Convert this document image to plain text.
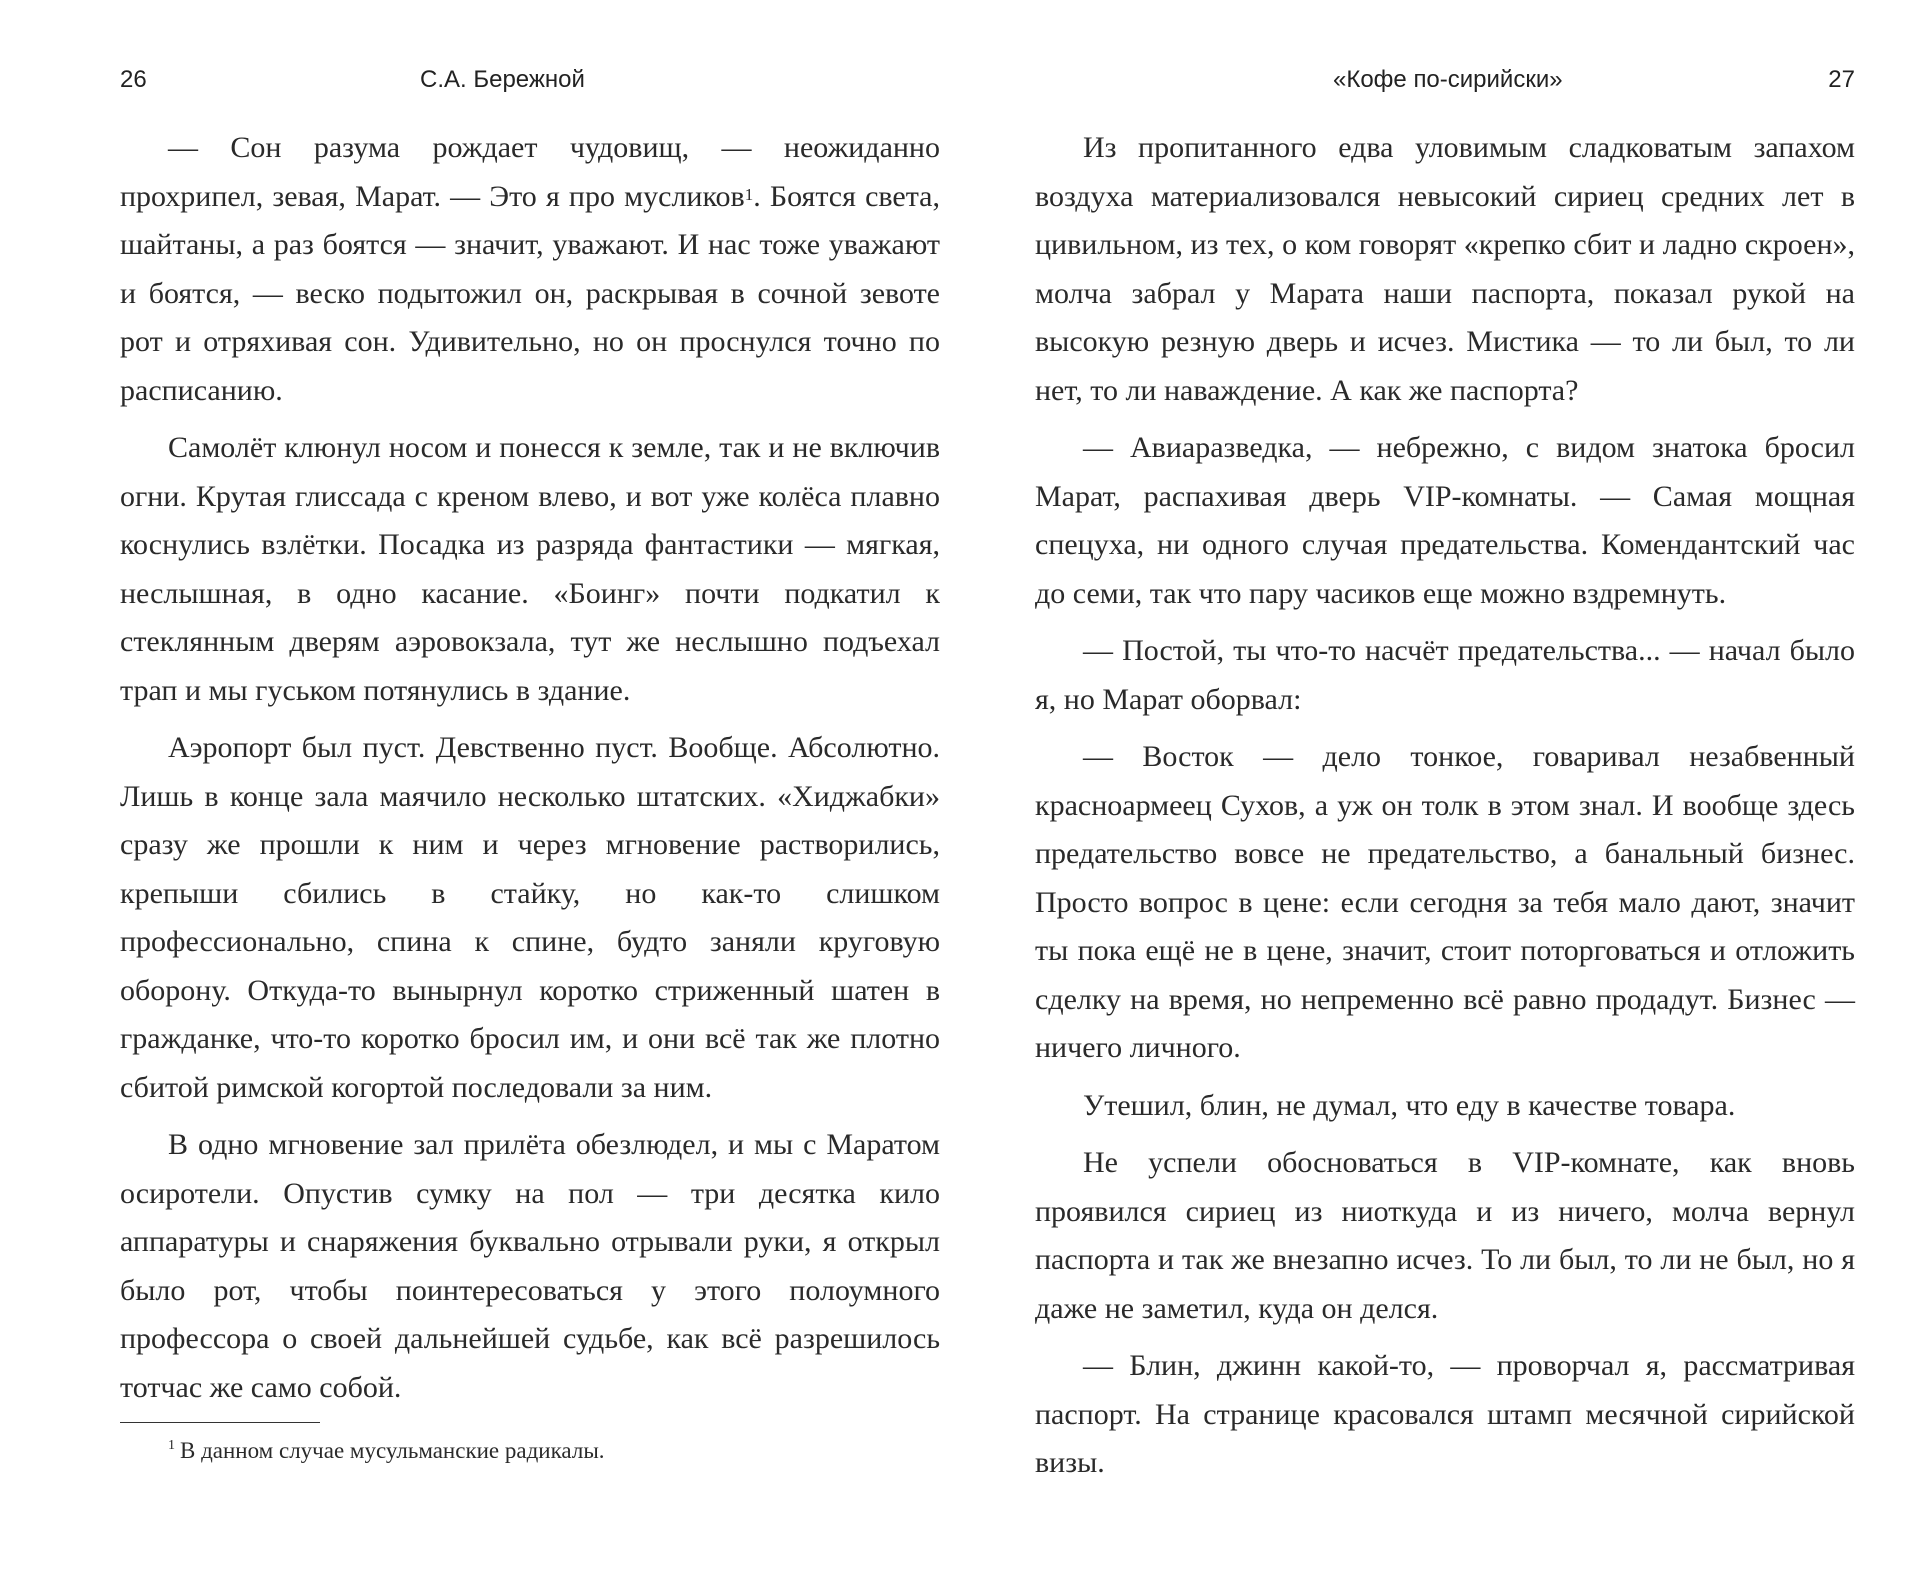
26	С.А. Бережной

— Сон разума рождает чудовищ, — неожиданно прохрипел, зевая, Марат. — Это я про мусликов$^1$. Боятся света, шайтаны, а раз боятся — значит, уважают. И нас тоже уважают и боятся, — веско подытожил он, раскрывая в сочной зевоте рот и отряхивая сон. Удивительно, но он проснулся точно по расписанию.

Самолёт клюнул носом и понесся к земле, так и не включив огни. Крутая глиссада с креном влево, и вот уже колёса плавно коснулись взлётки. Посадка из разряда фантастики — мягкая, неслышная, в одно касание. «Боинг» почти подкатил к стеклянным дверям аэровокзала, тут же неслышно подъехал трап и мы гуськом потянулись в здание.

Аэропорт был пуст. Девственно пуст. Вообще. Абсолютно. Лишь в конце зала маячило несколько штатских. «Хиджабки» сразу же прошли к ним и через мгновение растворились, крепыши сбились в стайку, но как-то слишком профессионально, спина к спине, будто заняли круговую оборону. Откуда-то вынырнул коротко стриженный шатен в гражданке, что-то коротко бросил им, и они всё так же плотно сбитой римской когортой последовали за ним.

В одно мгновение зал прилёта обезлюдел, и мы с Маратом осиротели. Опустив сумку на пол — три десятка кило аппаратуры и снаряжения буквально отрывали руки, я открыл было рот, чтобы поинтересоваться у этого полоумного профессора о своей дальнейшей судьбе, как всё разрешилось тотчас же само собой.

$^1$ В данном случае мусульманские радикалы.
«Кофе по-сирийски»	27

Из пропитанного едва уловимым сладковатым запахом воздуха материализовался невысокий сириец средних лет в цивильном, из тех, о ком говорят «крепко сбит и ладно скроен», молча забрал у Марата наши паспорта, показал рукой на высокую резную дверь и исчез. Мистика — то ли был, то ли нет, то ли наваждение. А как же паспорта?

— Авиаразведка, — небрежно, с видом знатока бросил Марат, распахивая дверь VIP-комнаты. — Самая мощная спецуха, ни одного случая предательства. Комендантский час до семи, так что пару часиков еще можно вздремнуть.

— Постой, ты что-то насчёт предательства... — начал было я, но Марат оборвал:

— Восток — дело тонкое, говаривал незабвенный красноармеец Сухов, а уж он толк в этом знал. И вообще здесь предательство вовсе не предательство, а банальный бизнес. Просто вопрос в цене: если сегодня за тебя мало дают, значит ты пока ещё не в цене, значит, стоит поторговаться и отложить сделку на время, но непременно всё равно продадут. Бизнес — ничего личного.

Утешил, блин, не думал, что еду в качестве товара.

Не успели обосноваться в VIP-комнате, как вновь проявился сириец из ниоткуда и из ничего, молча вернул паспорта и так же внезапно исчез. То ли был, то ли не был, но я даже не заметил, куда он делся.

— Блин, джинн какой-то, — проворчал я, рассматривая паспорт. На странице красовался штамп месячной сирийской визы.
